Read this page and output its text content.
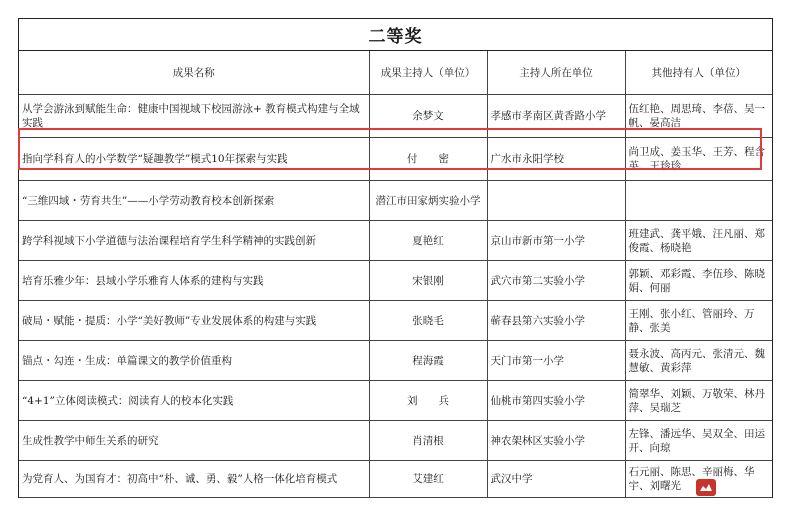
二等奖
成果名称	成果主持人（单位）	主持人所在单位	其他持有人（单位）
从学会游泳到赋能生命：健康中国视域下校园游泳+ 教育模式构建与全域实践	余梦文	孝感市孝南区黄香路小学	伍红艳、周思琦、李蓓、吴一帆、晏高洁
指向学科育人的小学数学“疑趣教学”模式10年探索与实践	付　　密	广水市永阳学校	尚卫成、姜玉华、王芳、程含英、王珍珍
“三维四域・劳育共生”——小学劳动教育校本创新探索	潜江市田家炳实验小学		
跨学科视域下小学道德与法治课程培育学生科学精神的实践创新	夏艳红	京山市新市第一小学	班建武、龚平娥、汪凡丽、郑俊霞、杨晓艳
培育乐雅少年：县域小学乐雅育人体系的建构与实践	宋银刚	武穴市第二实验小学	郭颖、邓彩霞、李伍珍、陈晓娟、何丽
破局・赋能・提质：小学“美好教师”专业发展体系的构建与实践	张晓毛	蕲春县第六实验小学	王刚、张小红、管丽玲、万静、张美
锚点・勾连・生成：单篇课文的教学价值重构	程海霞	天门市第一小学	聂永波、高丙元、张清元、魏慧敏、黄彩萍
“4+1”立体阅读模式：阅读育人的校本化实践	刘　　兵	仙桃市第四实验小学	简翠华、刘颖、万敬荣、林丹萍、吴瑞芝
生成性教学中师生关系的研究	肖清根	神农架林区实验小学	左锋、潘远华、吴双全、田运开、向琼
为党育人、为国育才：初高中“朴、诚、勇、毅”人格一体化培育模式	艾建红	武汉中学	石元丽、陈思、辛丽梅、华宇、刘曙光
